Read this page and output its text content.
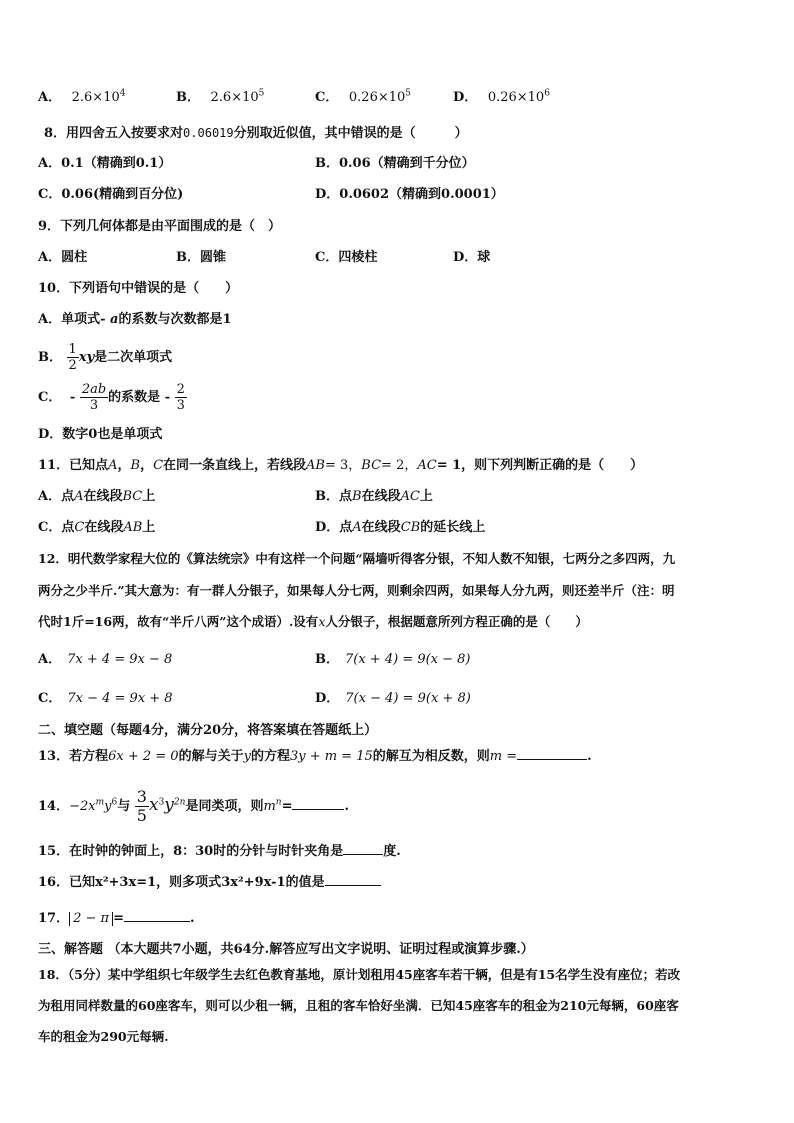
A． $2.6\times 10^4$	B． $2.6\times 10^5$	C． $0.26\times 10^5$	D． $0.26\times 10^6$
8．用四舍五入按要求对0.06019分别取近似值，其中错误的是（　　　）
A．0.1（精确到0.1）	B．0.06（精确到千分位）
C．0.06(精确到百分位)	D．0.0602（精确到0.0001）
9．下列几何体都是由平面围成的是（　）
A．圆柱	B．圆锥	C．四棱柱	D．球
10．下列语句中错误的是（　　）
A．单项式- a的系数与次数都是1
B． $\frac{1}{2}$ xy是二次单项式
C． - $\frac{2ab}{3}$ 的系数是 - $\frac{2}{3}$
D．数字0也是单项式
11．已知点A，B，C在同一条直线上，若线段AB= 3，BC= 2，AC= 1，则下列判断正确的是（　　）
A．点A在线段BC上	B．点B在线段AC上
C．点C在线段AB上	D．点A在线段CB的延长线上
12．明代数学家程大位的《算法统宗》中有这样一个问题“隔墙听得客分银，不知人数不知银，七两分之多四两，九
两分之少半斤.”其大意为：有一群人分银子，如果每人分七两，则剩余四两，如果每人分九两，则还差半斤（注：明
代时1斤=16两，故有“半斤八两”这个成语）.设有x人分银子，根据题意所列方程正确的是（　　）
A． 7x + 4 = 9x − 8	B． 7(x + 4) = 9(x − 8)
C． 7x − 4 = 9x + 8	D． 7(x − 4) = 9(x + 8)
二、填空题（每题4分，满分20分，将答案填在答题纸上）
13．若方程6x + 2 = 0的解与关于y的方程3y + m = 15的解互为相反数，则m =	.
14．$-2x^my^6$与 $\frac{3}{5} x^3y^{2n}$是同类项，则$m^n=$	.
15．在时钟的钟面上，8：30时的分针与时针夹角是	度.
16．已知x²+3x=1，则多项式3x²+9x-1的值是
17． 2 − π =	.
三、解答题 （本大题共7小题，共64分.解答应写出文字说明、证明过程或演算步骤.）
18．（5分）某中学组织七年级学生去红色教育基地，原计划租用45座客车若干辆，但是有15名学生没有座位；若改
为租用同样数量的60座客车，则可以少租一辆，且租的客车恰好坐满．已知45座客车的租金为210元每辆，60座客
车的租金为290元每辆.
